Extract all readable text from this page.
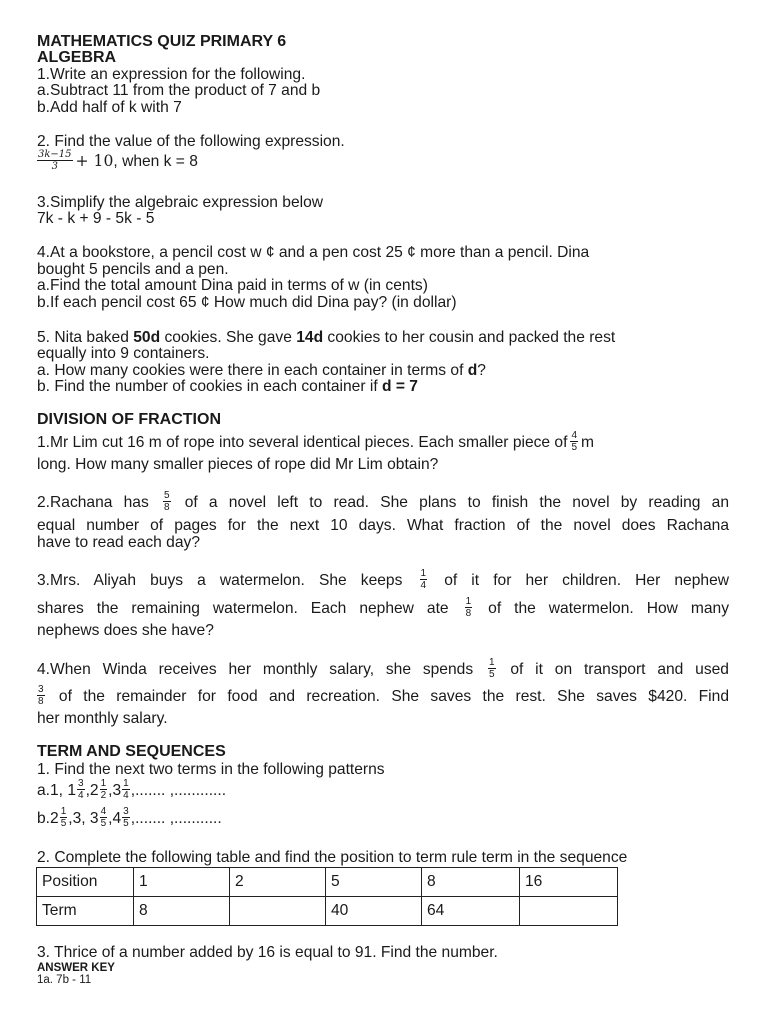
MATHEMATICS QUIZ PRIMARY 6
ALGEBRA
1.Write an expression for the following.
a.Subtract 11 from the product of 7 and b
b.Add half of k with 7
2. Find the value of the following expression.
$\frac{3k-15}{3} + 10$, when k = 8
3.Simplify the algebraic expression below
7k - k + 9 - 5k - 5
4.At a bookstore, a pencil cost w ¢ and a pen cost 25 ¢ more than a pencil. Dina
bought 5 pencils and a pen.
a.Find the total amount Dina paid in terms of w (in cents)
b.If each pencil cost 65 ¢ How much did Dina pay? (in dollar)
5. Nita baked 50d cookies. She gave 14d cookies to her cousin and packed the rest
equally into 9 containers.
a. How many cookies were there in each container in terms of d?
b. Find the number of cookies in each container if d = 7
DIVISION OF FRACTION
1.Mr Lim cut 16 m of rope into several identical pieces. Each smaller piece of $\frac{4}{5}$ m
long. How many smaller pieces of rope did Mr Lim obtain?
2.Rachana has $\frac{5}{8}$ of a novel left to read. She plans to finish the novel by reading an
equal number of pages for the next 10 days. What fraction of the novel does Rachana
have to read each day?
3.Mrs. Aliyah buys a watermelon. She keeps $\frac{1}{4}$ of it for her children. Her nephew
shares the remaining watermelon. Each nephew ate $\frac{1}{8}$ of the watermelon. How many
nephews does she have?
4.When Winda receives her monthly salary, she spends $\frac{1}{5}$ of it on transport and used
$\frac{3}{8}$ of the remainder for food and recreation. She saves the rest. She saves $420. Find
her monthly salary.
TERM AND SEQUENCES
1. Find the next two terms in the following patterns
a.1, $1 \frac{3}{4} ,2 \frac{1}{2} ,3 \frac{1}{4}$ ,....... ,............
$b.2 \frac{1}{5} ,3$, $3 \frac{4}{5} ,4 \frac{3}{5}$ ,....... ,...........
2. Complete the following table and find the position to term rule term in the sequence
Position	1	2	5	8	16
Term	8		40	64	
3. Thrice of a number added by 16 is equal to 91. Find the number.
ANSWER KEY
1a. 7b - 11
